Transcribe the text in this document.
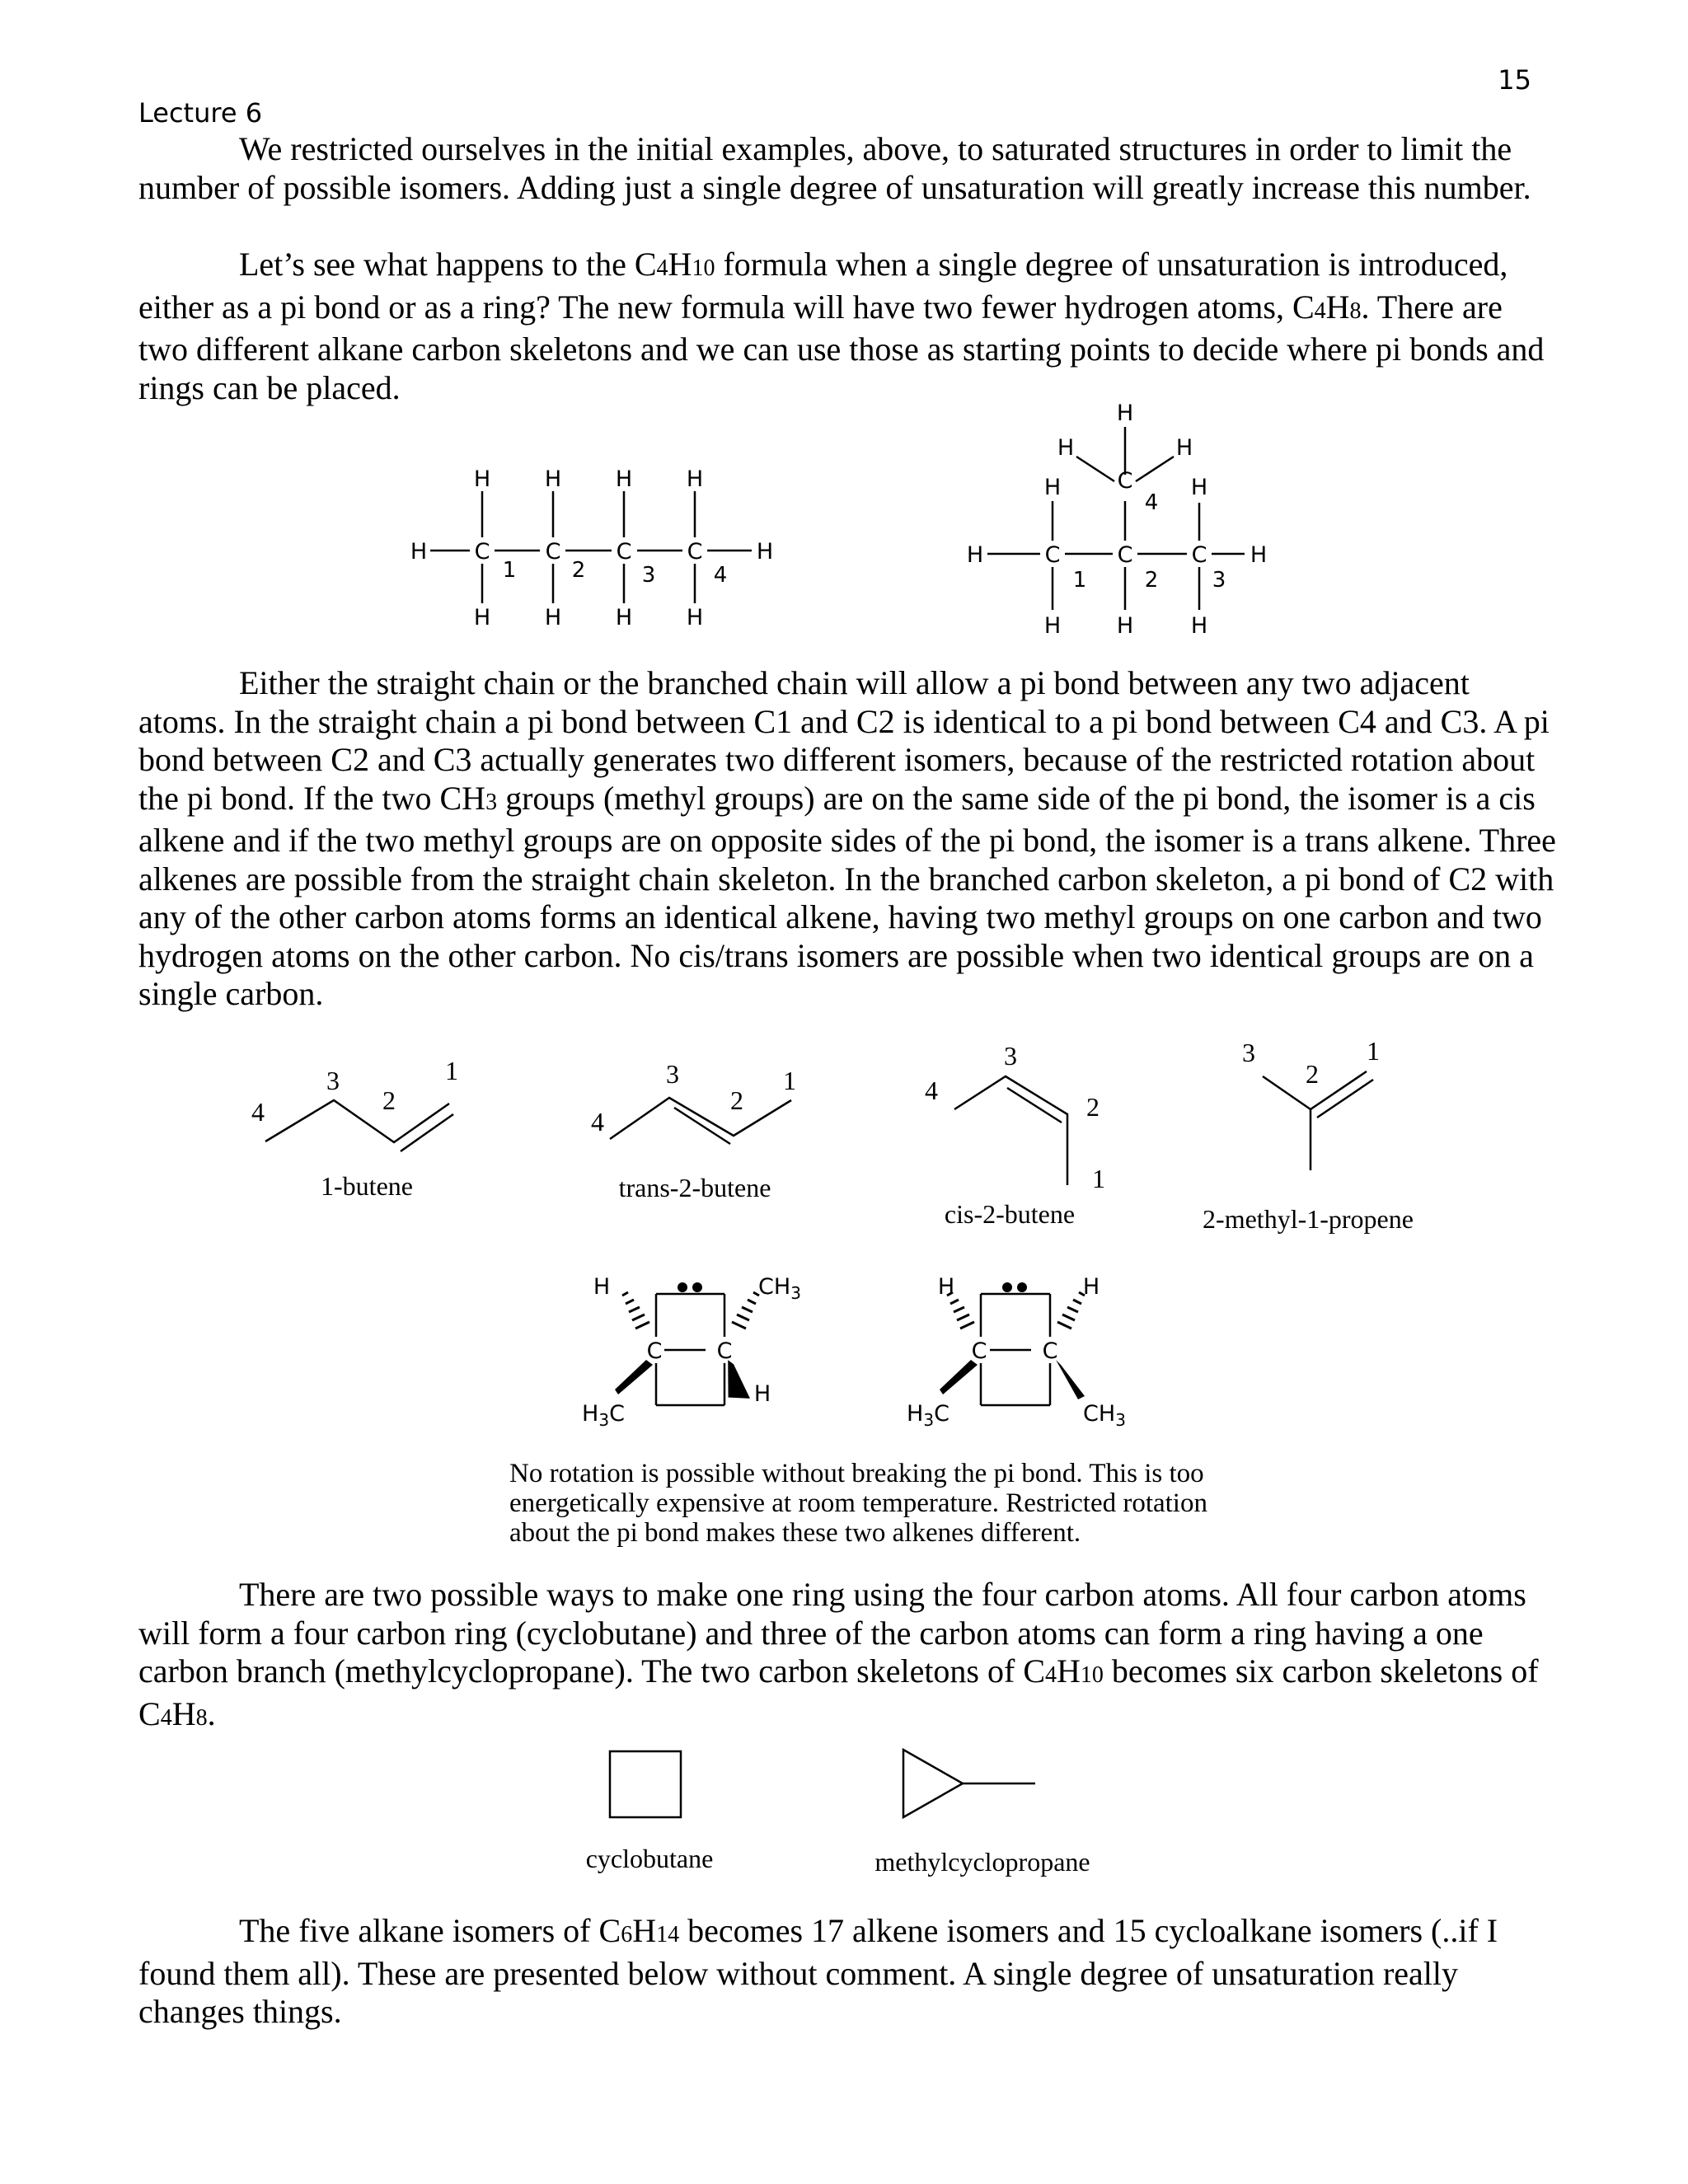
15
Lecture 6

We restricted ourselves in the initial examples, above, to saturated structures in order to limit the number of possible isomers. Adding just a single degree of unsaturation will greatly increase this number.

Let’s see what happens to the C4H10 formula when a single degree of unsaturation is introduced, either as a pi bond or as a ring? The new formula will have two fewer hydrogen atoms, C4H8. There are two different alkane carbon skeletons and we can use those as starting points to decide where pi bonds and rings can be placed.

H C C C C H
H H H H
H H H H
1	2	3	4
H	C	C	C H
C
H
H	H
H	H
H	H	H
4
1	2	3

Either the straight chain or the branched chain will allow a pi bond between any two adjacent atoms. In the straight chain a pi bond between C1 and C2 is identical to a pi bond between C4 and C3. A pi bond between C2 and C3 actually generates two different isomers, because of the restricted rotation about the pi bond. If the two CH3 groups (methyl groups) are on the same side of the pi bond, the isomer is a cis alkene and if the two methyl groups are on opposite sides of the pi bond, the isomer is a trans alkene. Three alkenes are possible from the straight chain skeleton. In the branched carbon skeleton, a pi bond of C2 with any of the other carbon atoms forms an identical alkene, having two methyl groups on one carbon and two hydrogen atoms on the other carbon. No cis/trans isomers are possible when two identical groups are on a single carbon.

4
3
2
1
1-butene
4
3
2
1
trans-2-butene
4
3
2
1
cis-2-butene
3
2
1
2-methyl-1-propene
C C
H
H
$CH_3$
$H_3C$
C C
H	H
$H_3C$	$CH_3$

No rotation is possible without breaking the pi bond. This is too energetically expensive at room temperature. Restricted rotation about the pi bond makes these two alkenes different.

There are two possible ways to make one ring using the four carbon atoms. All four carbon atoms will form a four carbon ring (cyclobutane) and three of the carbon atoms can form a ring having a one carbon branch (methylcyclopropane). The two carbon skeletons of C4H10 becomes six carbon skeletons of C4H8.

cyclobutane	methylcyclopropane

The five alkane isomers of C6H14 becomes 17 alkene isomers and 15 cycloalkane isomers (..if I found them all). These are presented below without comment. A single degree of unsaturation really changes things.
